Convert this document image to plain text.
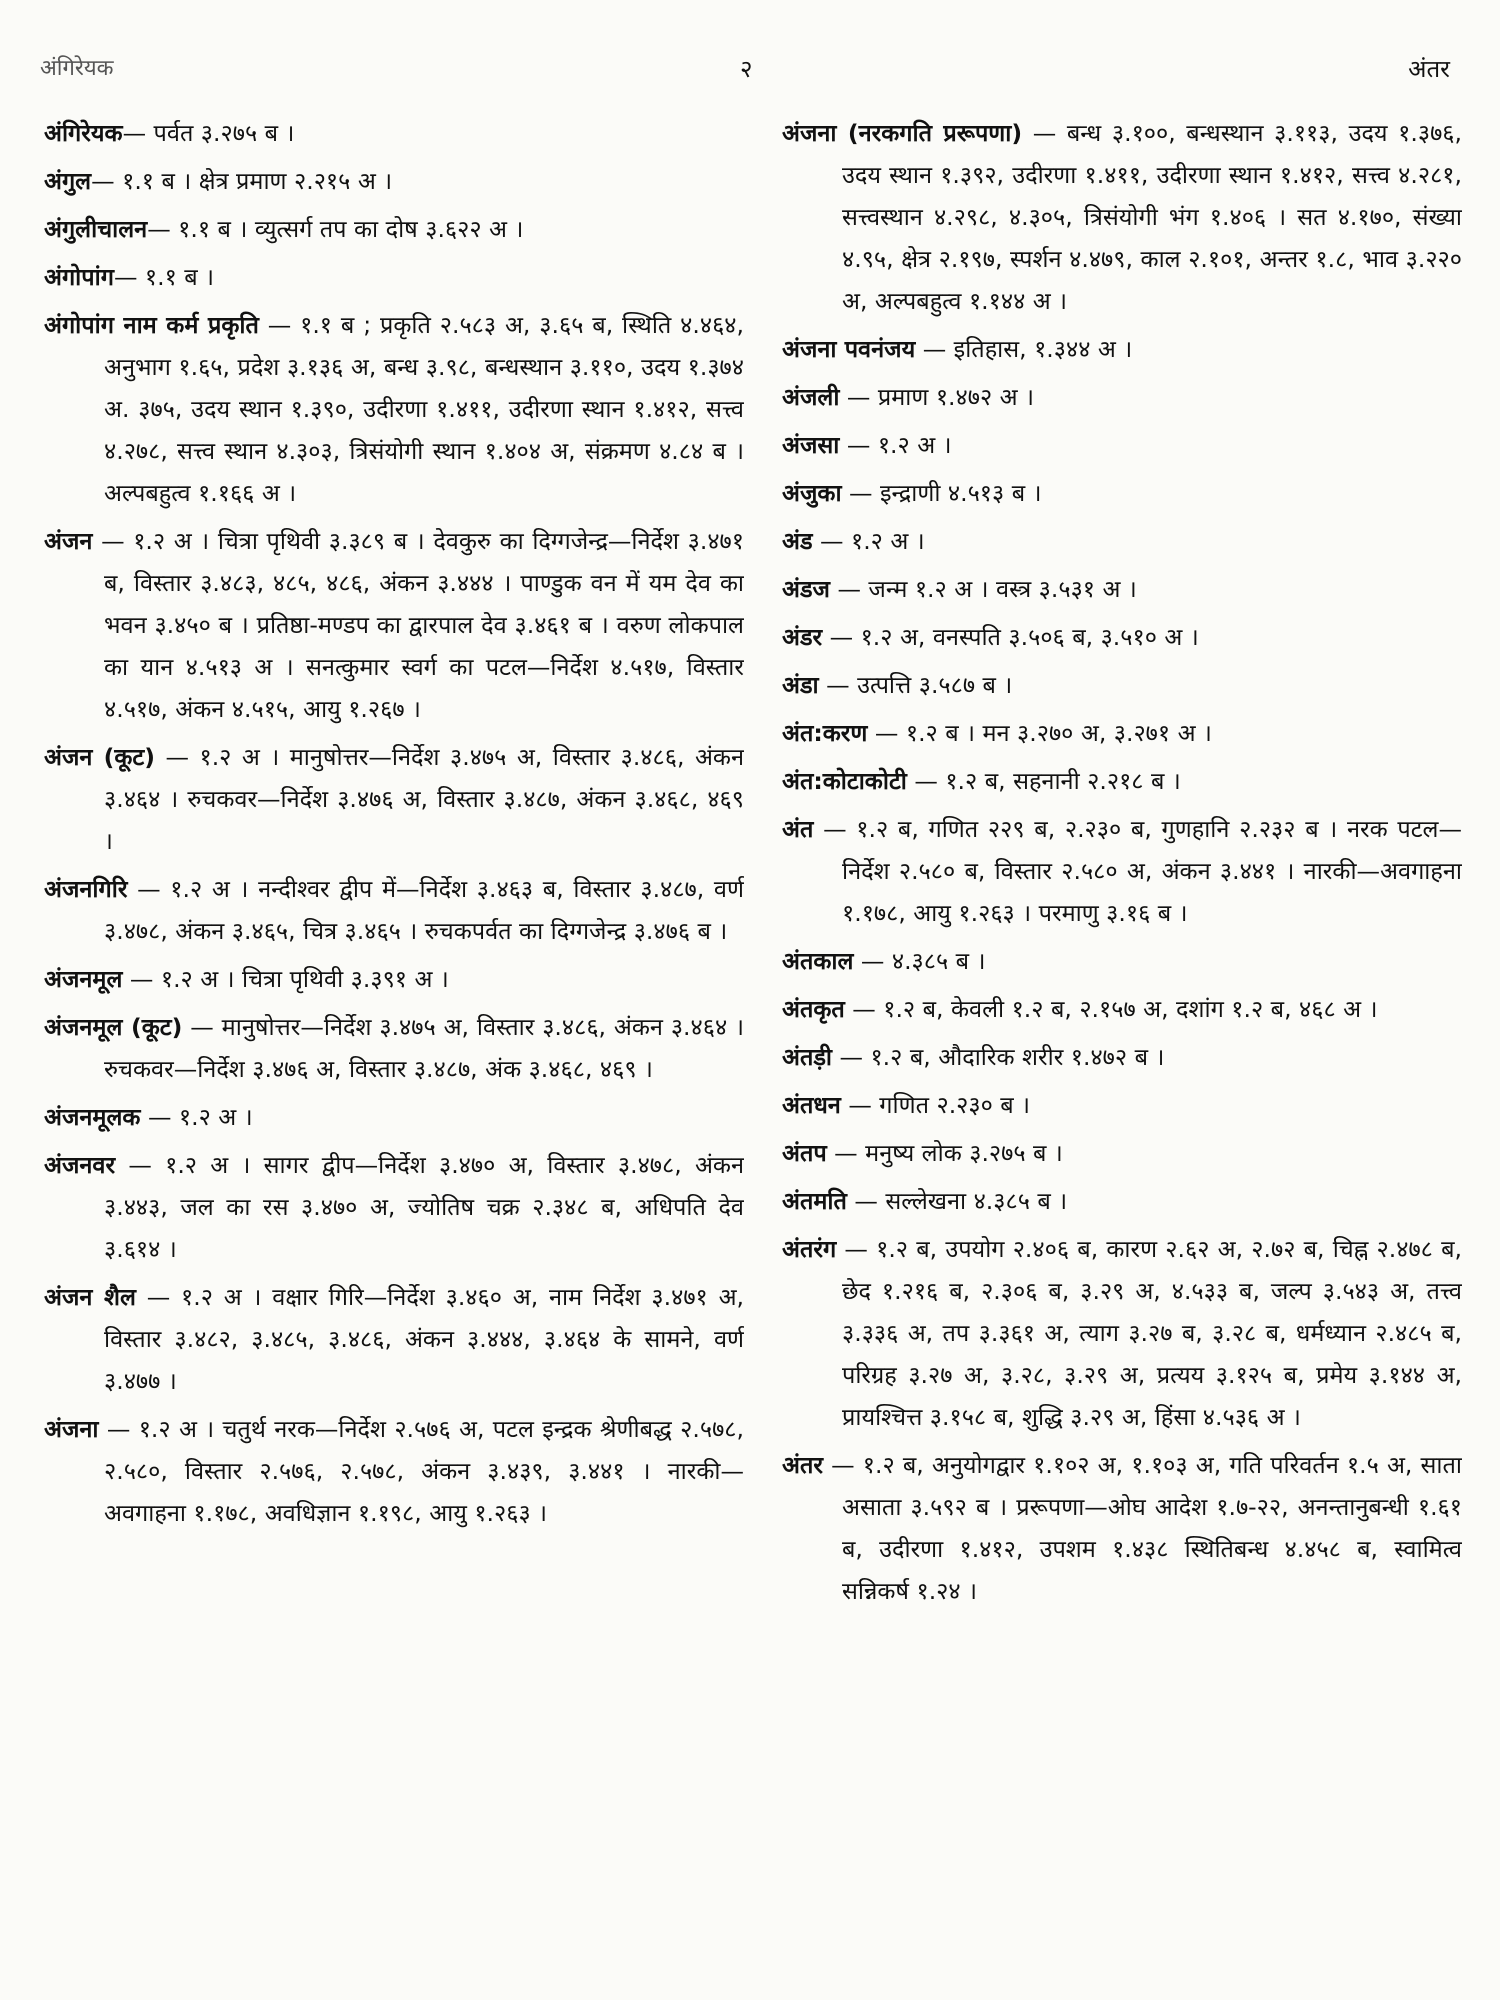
अंगिरेयक	२	अंतर
अंगिरेयक— पर्वत ३.२७५ ब ।
अंगुल— १.१ ब । क्षेत्र प्रमाण २.२१५ अ ।
अंगुलीचालन— १.१ ब । व्युत्सर्ग तप का दोष ३.६२२ अ ।
अंगोपांग— १.१ ब ।
अंगोपांग नाम कर्म प्रकृति — १.१ ब ; प्रकृति २.५८३ अ, ३.६५ ब, स्थिति ४.४६४, अनुभाग १.६५, प्रदेश ३.१३६ अ, बन्ध ३.९८, बन्धस्थान ३.११०, उदय १.३७४ अ. ३७५, उदय स्थान १.३९०, उदीरणा १.४११, उदीरणा स्थान १.४१२, सत्त्व ४.२७८, सत्त्व स्थान ४.३०३, त्रिसंयोगी स्थान १.४०४ अ, संक्रमण ४.८४ ब । अल्पबहुत्व १.१६६ अ ।
अंजन — १.२ अ । चित्रा पृथिवी ३.३८९ ब । देवकुरु का दिग्गजेन्द्र—निर्देश ३.४७१ ब, विस्तार ३.४८३, ४८५, ४८६, अंकन ३.४४४ । पाण्डुक वन में यम देव का भवन ३.४५० ब । प्रतिष्ठा-मण्डप का द्वारपाल देव ३.४६१ ब । वरुण लोकपाल का यान ४.५१३ अ । सनत्कुमार स्वर्ग का पटल—निर्देश ४.५१७, विस्तार ४.५१७, अंकन ४.५१५, आयु १.२६७ ।
अंजन (कूट) — १.२ अ । मानुषोत्तर—निर्देश ३.४७५ अ, विस्तार ३.४८६, अंकन ३.४६४ । रुचकवर—निर्देश ३.४७६ अ, विस्तार ३.४८७, अंकन ३.४६८, ४६९ ।
अंजनगिरि — १.२ अ । नन्दीश्वर द्वीप में—निर्देश ३.४६३ ब, विस्तार ३.४८७, वर्ण ३.४७८, अंकन ३.४६५, चित्र ३.४६५ । रुचकपर्वत का दिग्गजेन्द्र ३.४७६ ब ।
अंजनमूल — १.२ अ । चित्रा पृथिवी ३.३९१ अ ।
अंजनमूल (कूट) — मानुषोत्तर—निर्देश ३.४७५ अ, विस्तार ३.४८६, अंकन ३.४६४ । रुचकवर—निर्देश ३.४७६ अ, विस्तार ३.४८७, अंक ३.४६८, ४६९ ।
अंजनमूलक — १.२ अ ।
अंजनवर — १.२ अ । सागर द्वीप—निर्देश ३.४७० अ, विस्तार ३.४७८, अंकन ३.४४३, जल का रस ३.४७० अ, ज्योतिष चक्र २.३४८ ब, अधिपति देव ३.६१४ ।
अंजन शैल — १.२ अ । वक्षार गिरि—निर्देश ३.४६० अ, नाम निर्देश ३.४७१ अ, विस्तार ३.४८२, ३.४८५, ३.४८६, अंकन ३.४४४, ३.४६४ के सामने, वर्ण ३.४७७ ।
अंजना — १.२ अ । चतुर्थ नरक—निर्देश २.५७६ अ, पटल इन्द्रक श्रेणीबद्ध २.५७८, २.५८०, विस्तार २.५७६, २.५७८, अंकन ३.४३९, ३.४४१ । नारकी—अवगाहना १.१७८, अवधिज्ञान १.१९८, आयु १.२६३ ।
अंजना (नरकगति प्ररूपणा) — बन्ध ३.१००, बन्धस्थान ३.११३, उदय १.३७६, उदय स्थान १.३९२, उदीरणा १.४११, उदीरणा स्थान १.४१२, सत्त्व ४.२८१, सत्त्वस्थान ४.२९८, ४.३०५, त्रिसंयोगी भंग १.४०६ । सत ४.१७०, संख्या ४.९५, क्षेत्र २.१९७, स्पर्शन ४.४७९, काल २.१०१, अन्तर १.८, भाव ३.२२० अ, अल्पबहुत्व १.१४४ अ ।
अंजना पवनंजय — इतिहास, १.३४४ अ ।
अंजली — प्रमाण १.४७२ अ ।
अंजसा — १.२ अ ।
अंजुका — इन्द्राणी ४.५१३ ब ।
अंड — १.२ अ ।
अंडज — जन्म १.२ अ । वस्त्र ३.५३१ अ ।
अंडर — १.२ अ, वनस्पति ३.५०६ ब, ३.५१० अ ।
अंडा — उत्पत्ति ३.५८७ ब ।
अंत:करण — १.२ ब । मन ३.२७० अ, ३.२७१ अ ।
अंत:कोटाकोटी — १.२ ब, सहनानी २.२१८ ब ।
अंत — १.२ ब, गणित २२९ ब, २.२३० ब, गुणहानि २.२३२ ब । नरक पटल—निर्देश २.५८० ब, विस्तार २.५८० अ, अंकन ३.४४१ । नारकी—अवगाहना १.१७८, आयु १.२६३ । परमाणु ३.१६ ब ।
अंतकाल — ४.३८५ ब ।
अंतकृत — १.२ ब, केवली १.२ ब, २.१५७ अ, दशांग १.२ ब, ४६८ अ ।
अंतड़ी — १.२ ब, औदारिक शरीर १.४७२ ब ।
अंतधन — गणित २.२३० ब ।
अंतप — मनुष्य लोक ३.२७५ ब ।
अंतमति — सल्लेखना ४.३८५ ब ।
अंतरंग — १.२ ब, उपयोग २.४०६ ब, कारण २.६२ अ, २.७२ ब, चिह्न २.४७८ ब, छेद १.२१६ ब, २.३०६ ब, ३.२९ अ, ४.५३३ ब, जल्प ३.५४३ अ, तत्त्व ३.३३६ अ, तप ३.३६१ अ, त्याग ३.२७ ब, ३.२८ ब, धर्मध्यान २.४८५ ब, परिग्रह ३.२७ अ, ३.२८, ३.२९ अ, प्रत्यय ३.१२५ ब, प्रमेय ३.१४४ अ, प्रायश्चित्त ३.१५८ ब, शुद्धि ३.२९ अ, हिंसा ४.५३६ अ ।
अंतर — १.२ ब, अनुयोगद्वार १.१०२ अ, १.१०३ अ, गति परिवर्तन १.५ अ, साता असाता ३.५९२ ब । प्ररूपणा—ओघ आदेश १.७-२२, अनन्तानुबन्धी १.६१ ब, उदीरणा १.४१२, उपशम १.४३८ स्थितिबन्ध ४.४५८ ब, स्वामित्व सन्निकर्ष १.२४ ।
